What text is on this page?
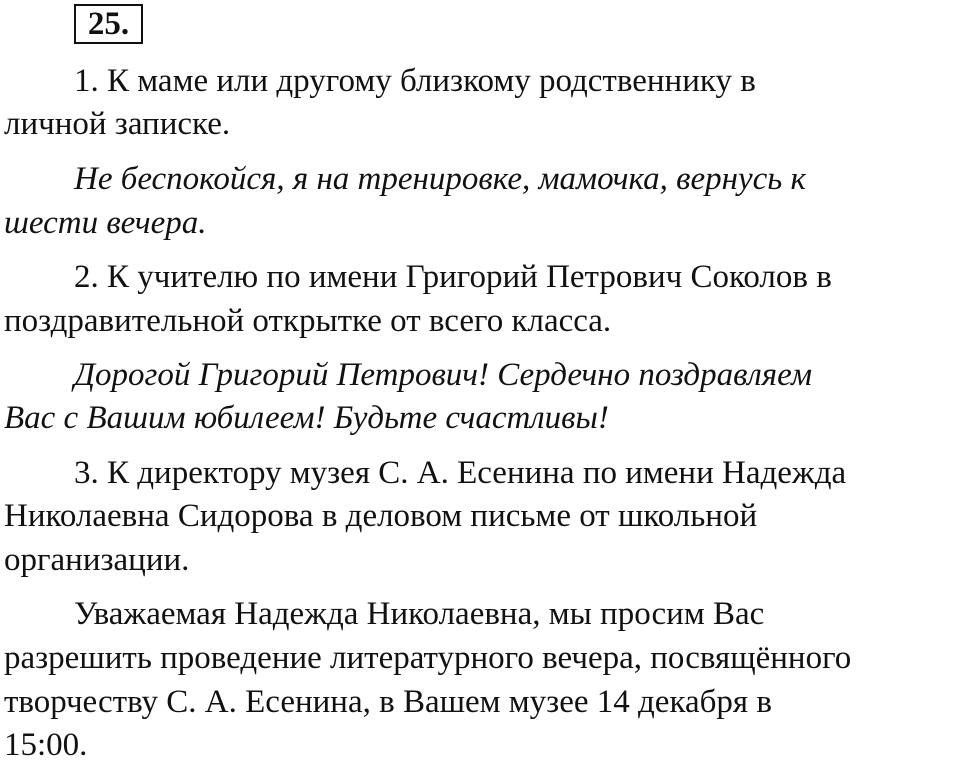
25.
1. К маме или другому близкому родственнику в
личной записке.
Не беспокойся, я на тренировке, мамочка, вернусь к
шести вечера.
2. К учителю по имени Григорий Петрович Соколов в
поздравительной открытке от всего класса.
Дорогой Григорий Петрович! Сердечно поздравляем
Вас с Вашим юбилеем! Будьте счастливы!
3. К директору музея С. А. Есенина по имени Надежда
Николаевна Сидорова в деловом письме от школьной
организации.
Уважаемая Надежда Николаевна, мы просим Вас
разрешить проведение литературного вечера, посвящённого
творчеству С. А. Есенина, в Вашем музее 14 декабря в
15:00.
